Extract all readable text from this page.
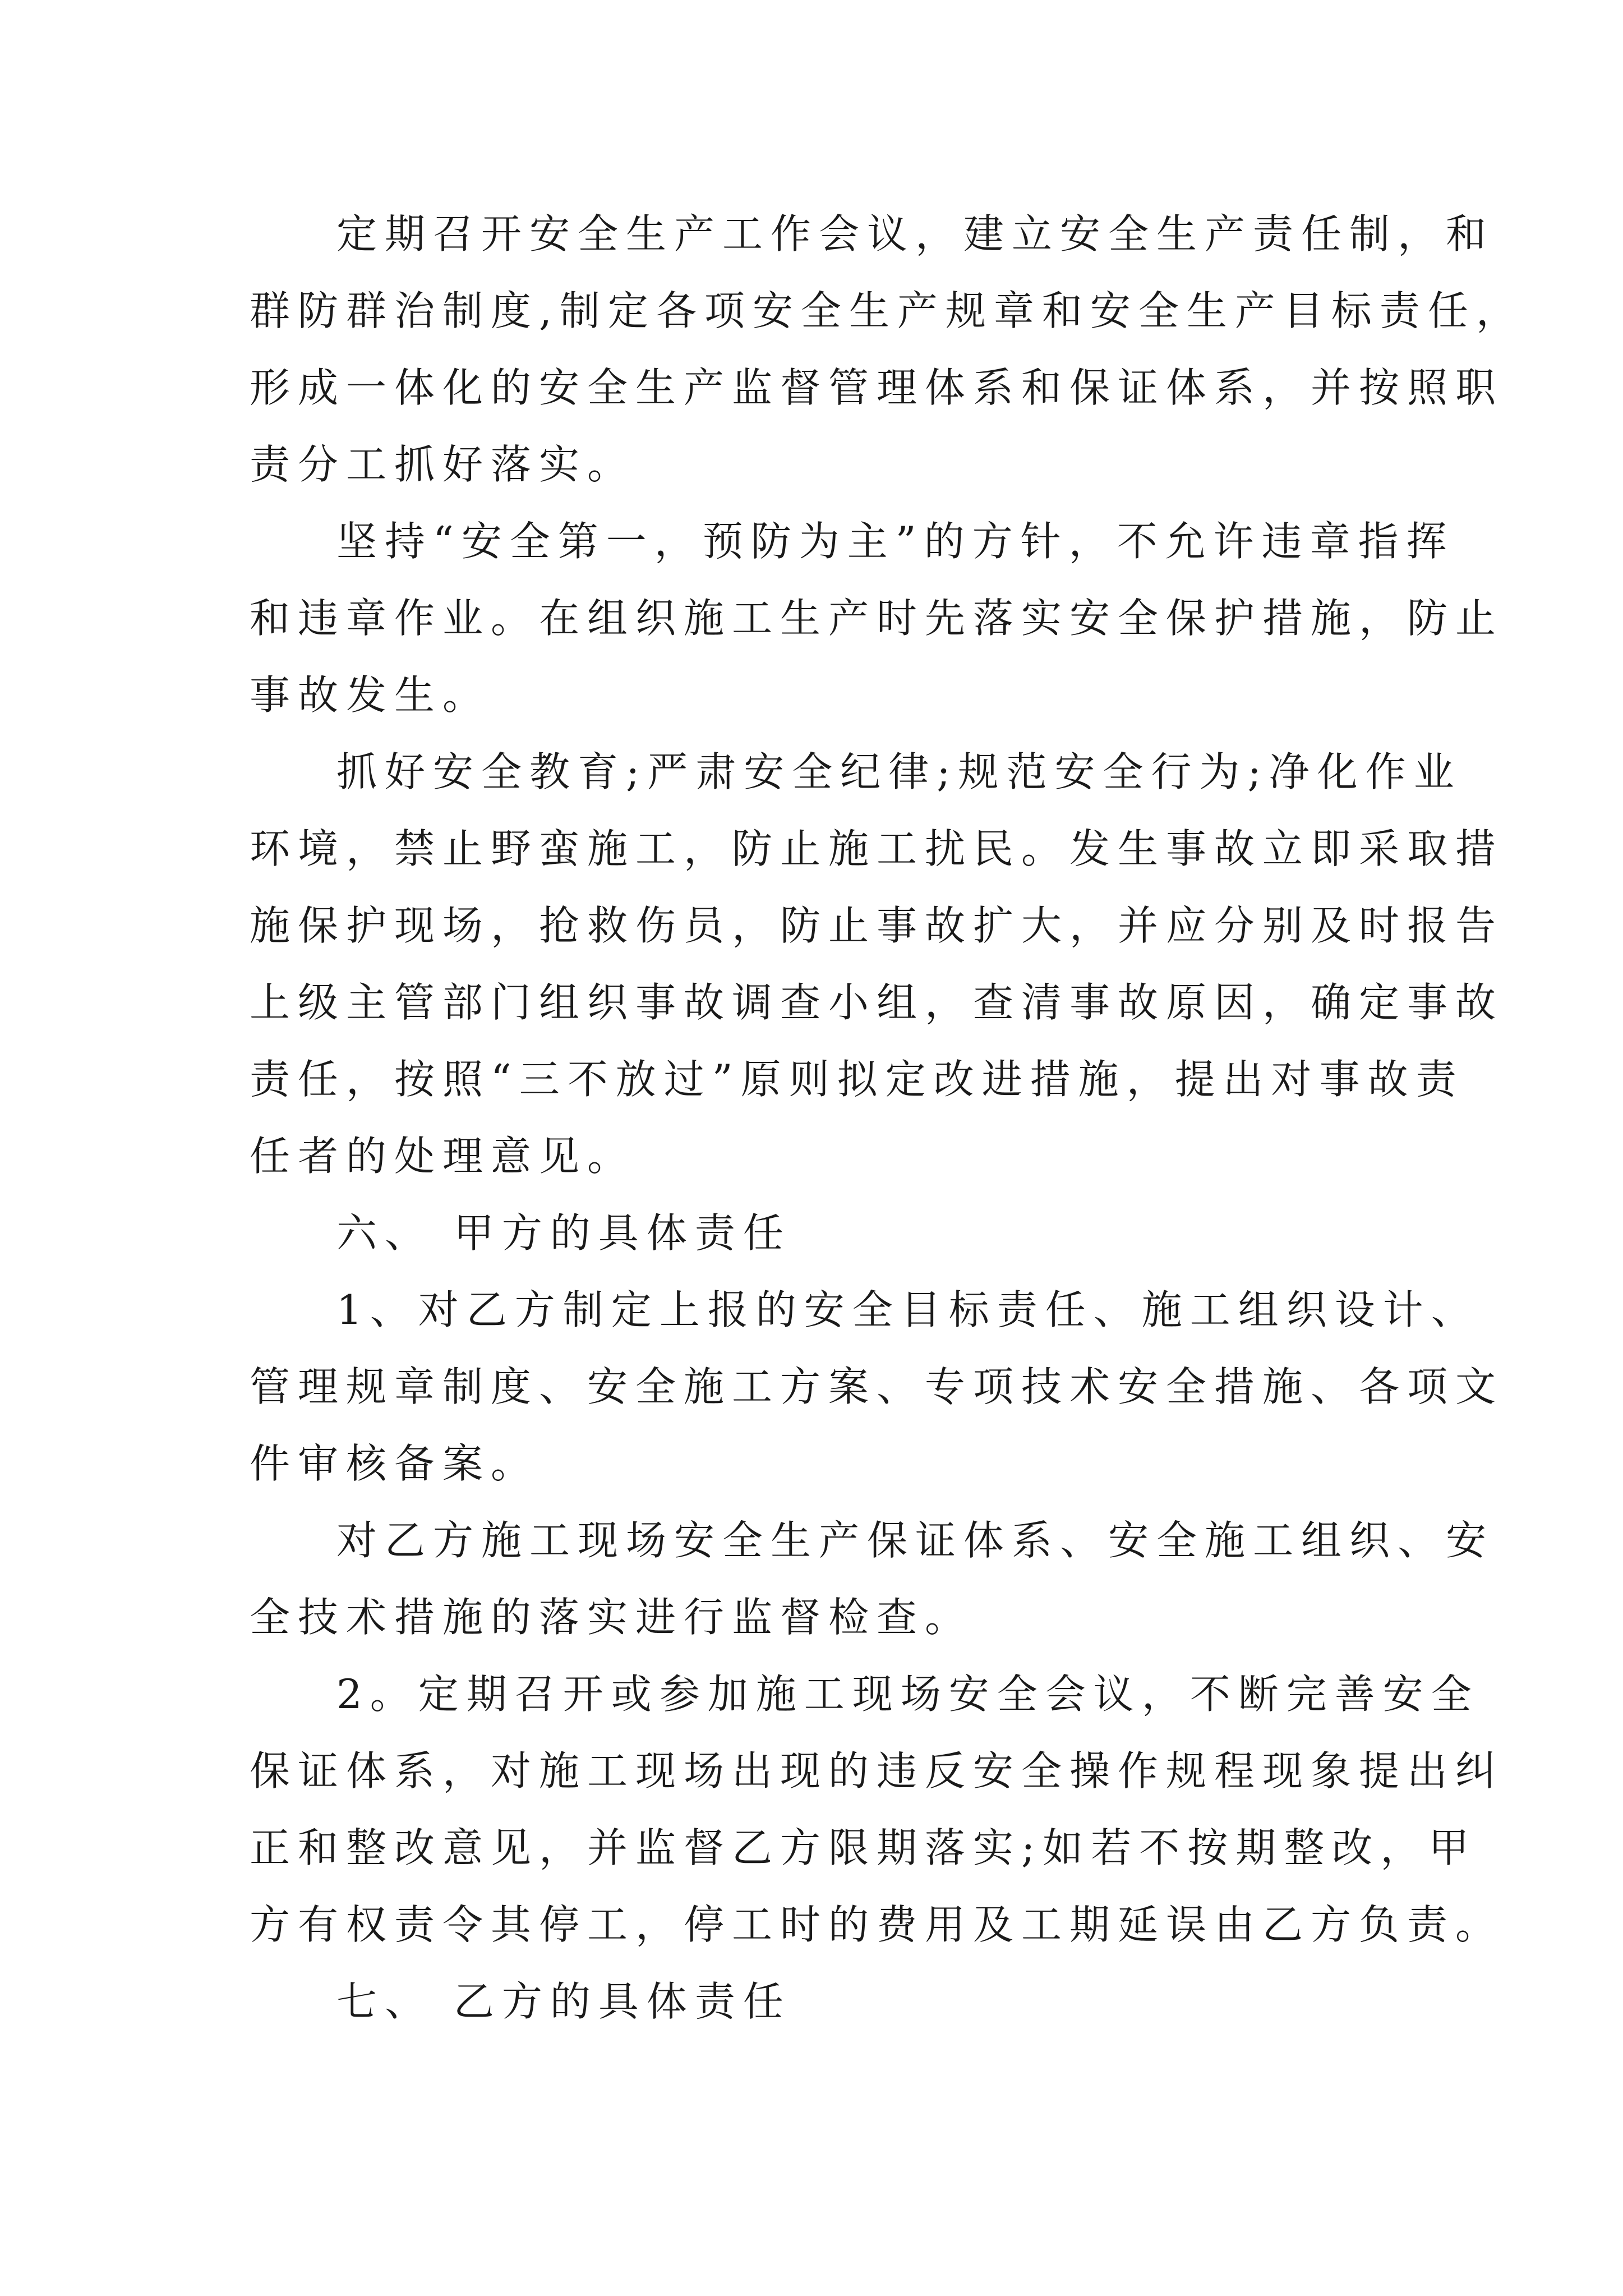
定期召开安全生产工作会议，建立安全生产责任制，和
群防群治制度,制定各项安全生产规章和安全生产目标责任，
形成一体化的安全生产监督管理体系和保证体系，并按照职
责分工抓好落实。
坚持“安全第一，预防为主”的方针，不允许违章指挥
和违章作业。在组织施工生产时先落实安全保护措施，防止
事故发生。
抓好安全教育;严肃安全纪律;规范安全行为;净化作业
环境，禁止野蛮施工，防止施工扰民。发生事故立即采取措
施保护现场，抢救伤员，防止事故扩大，并应分别及时报告
上级主管部门组织事故调查小组，查清事故原因，确定事故
责任，按照“三不放过”原则拟定改进措施，提出对事故责
任者的处理意见。
六、 甲方的具体责任
1、对乙方制定上报的安全目标责任、施工组织设计、
管理规章制度、安全施工方案、专项技术安全措施、各项文
件审核备案。
对乙方施工现场安全生产保证体系、安全施工组织、安
全技术措施的落实进行监督检查。
2。定期召开或参加施工现场安全会议，不断完善安全
保证体系，对施工现场出现的违反安全操作规程现象提出纠
正和整改意见，并监督乙方限期落实;如若不按期整改，甲
方有权责令其停工，停工时的费用及工期延误由乙方负责。
七、 乙方的具体责任
